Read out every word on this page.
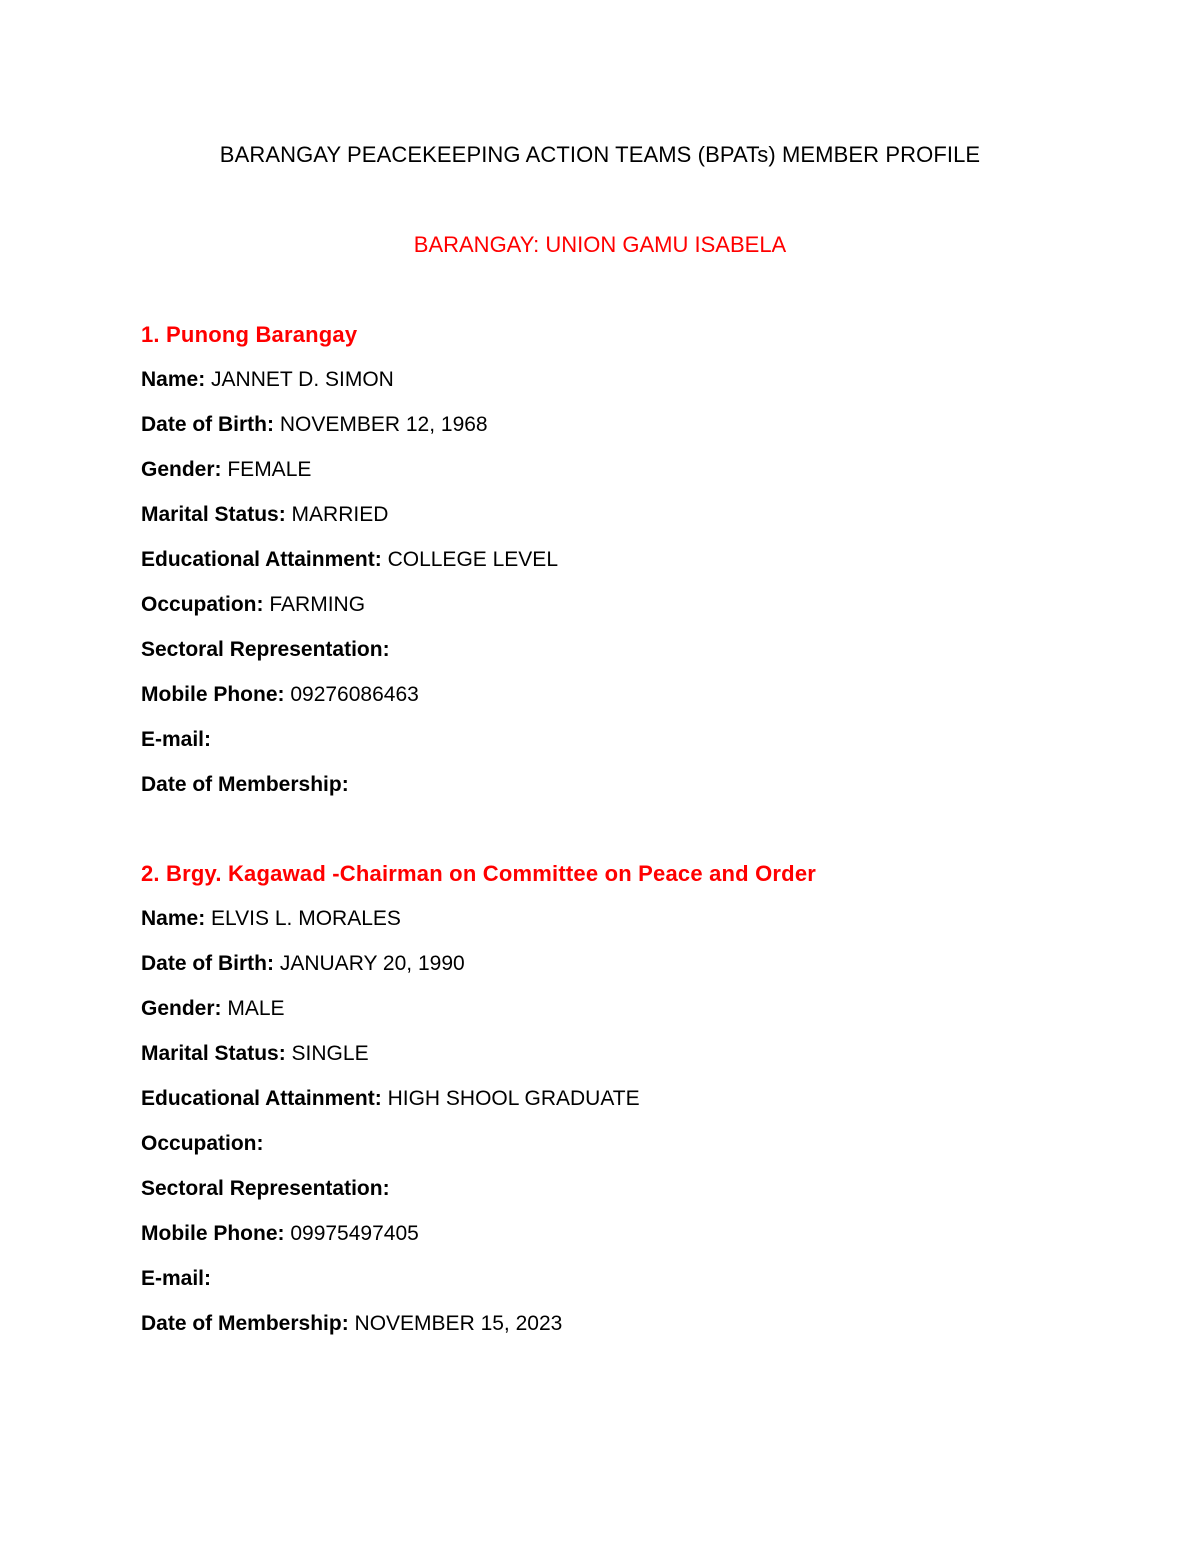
BARANGAY PEACEKEEPING ACTION TEAMS (BPATs) MEMBER PROFILE
BARANGAY: UNION GAMU ISABELA
1. Punong Barangay
Name: JANNET D. SIMON
Date of Birth: NOVEMBER 12, 1968
Gender: FEMALE
Marital Status: MARRIED
Educational Attainment: COLLEGE LEVEL
Occupation: FARMING
Sectoral Representation:
Mobile Phone: 09276086463
E-mail:
Date of Membership:
2. Brgy. Kagawad -Chairman on Committee on Peace and Order
Name: ELVIS L. MORALES
Date of Birth: JANUARY 20, 1990
Gender: MALE
Marital Status: SINGLE
Educational Attainment: HIGH SHOOL GRADUATE
Occupation:
Sectoral Representation:
Mobile Phone: 09975497405
E-mail:
Date of Membership: NOVEMBER 15, 2023
